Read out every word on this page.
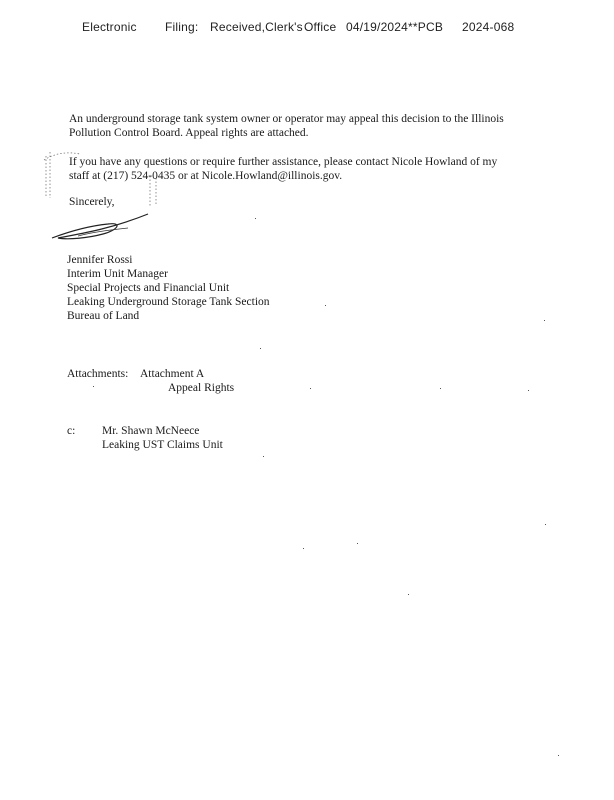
Electronic Filing: Received,Clerk's Office 04/19/2024**PCB 2024-068
An underground storage tank system owner or operator may appeal this decision to the Illinois
Pollution Control Board. Appeal rights are attached.
If you have any questions or require further assistance, please contact Nicole Howland of my
staff at (217) 524-0435 or at Nicole.Howland@illinois.gov.
Sincerely,
Jennifer Rossi
Interim Unit Manager
Special Projects and Financial Unit
Leaking Underground Storage Tank Section
Bureau of Land
Attachments: Attachment A
Appeal Rights
c: Mr. Shawn McNeece
Leaking UST Claims Unit
